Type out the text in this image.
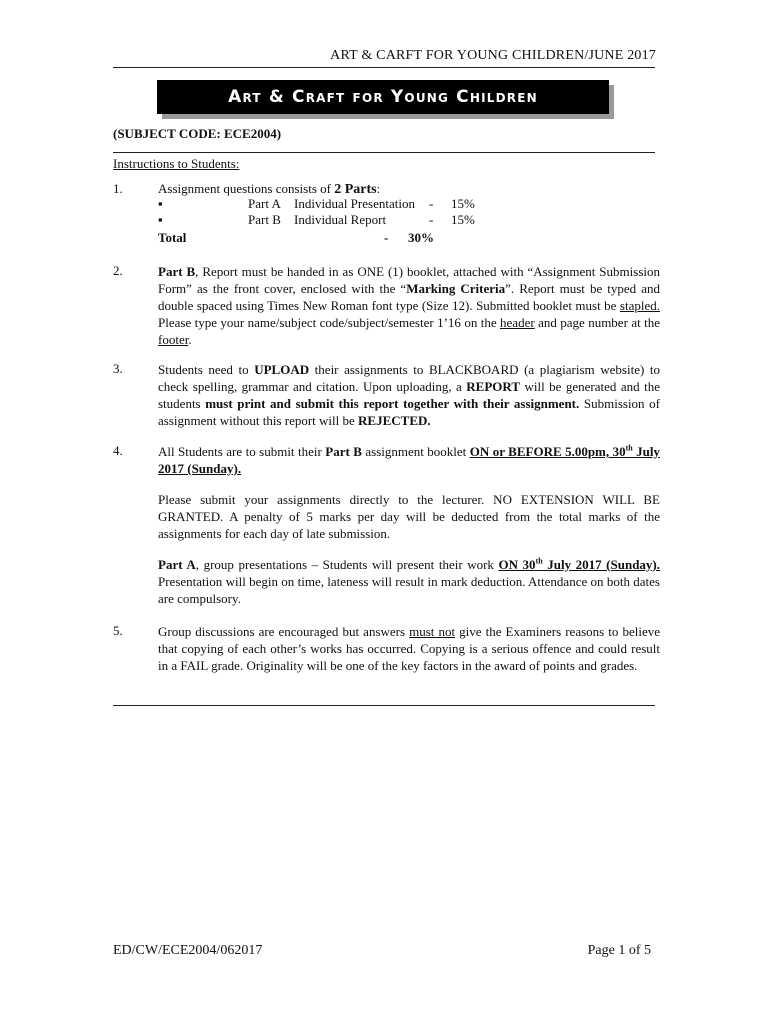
ART & CARFT FOR YOUNG CHILDREN/JUNE 2017
Art & Craft for Young Children
(SUBJECT CODE: ECE2004)
Instructions to Students:
1.	Assignment questions consists of 2 Parts:
▪	Part A Individual Presentation - 15%
▪	Part B Individual Report	- 15%
Total	- 30%
2.	Part B, Report must be handed in as ONE (1) booklet, attached with “Assignment Submission Form” as the front cover, enclosed with the “Marking Criteria”. Report must be typed and double spaced using Times New Roman font type (Size 12). Submitted booklet must be stapled. Please type your name/subject code/subject/semester 1’16 on the header and page number at the footer.
3.	Students need to UPLOAD their assignments to BLACKBOARD (a plagiarism website) to check spelling, grammar and citation. Upon uploading, a REPORT will be generated and the students must print and submit this report together with their assignment. Submission of assignment without this report will be REJECTED.
4.	All Students are to submit their Part B assignment booklet ON or BEFORE 5.00pm, 30th July 2017 (Sunday).
Please submit your assignments directly to the lecturer. NO EXTENSION WILL BE GRANTED. A penalty of 5 marks per day will be deducted from the total marks of the assignments for each day of late submission.
Part A, group presentations – Students will present their work ON 30th July 2017 (Sunday). Presentation will begin on time, lateness will result in mark deduction. Attendance on both dates are compulsory.
5.	Group discussions are encouraged but answers must not give the Examiners reasons to believe that copying of each other’s works has occurred. Copying is a serious offence and could result in a FAIL grade. Originality will be one of the key factors in the award of points and grades.
ED/CW/ECE2004/062017	Page 1 of 5
